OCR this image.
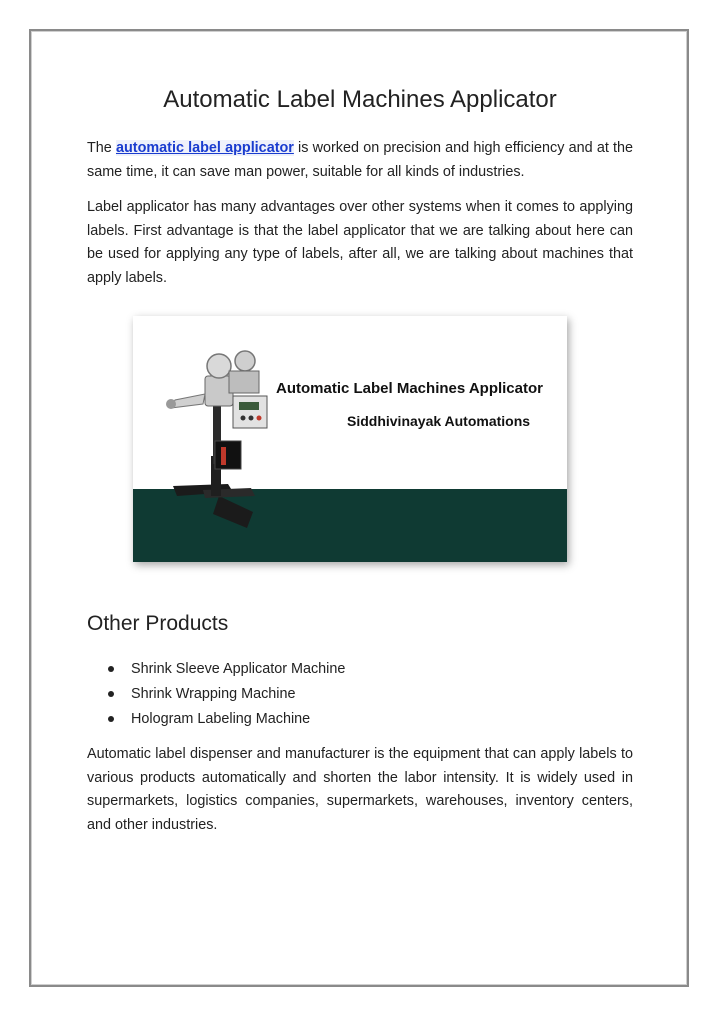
Automatic Label Machines Applicator

The automatic label applicator is worked on precision and high efficiency and at the same time, it can save man power, suitable for all kinds of industries.

Label applicator has many advantages over other systems when it comes to applying labels. First advantage is that the label applicator that we are talking about here can be used for applying any type of labels, after all, we are talking about machines that apply labels.

Automatic Label Machines Applicator
Siddhivinayak Automations
Other Products
Shrink Sleeve Applicator Machine
Shrink Wrapping Machine
Hologram Labeling Machine

Automatic label dispenser and manufacturer is the equipment that can apply labels to various products automatically and shorten the labor intensity. It is widely used in supermarkets, logistics companies, supermarkets, warehouses, inventory centers, and other industries.
